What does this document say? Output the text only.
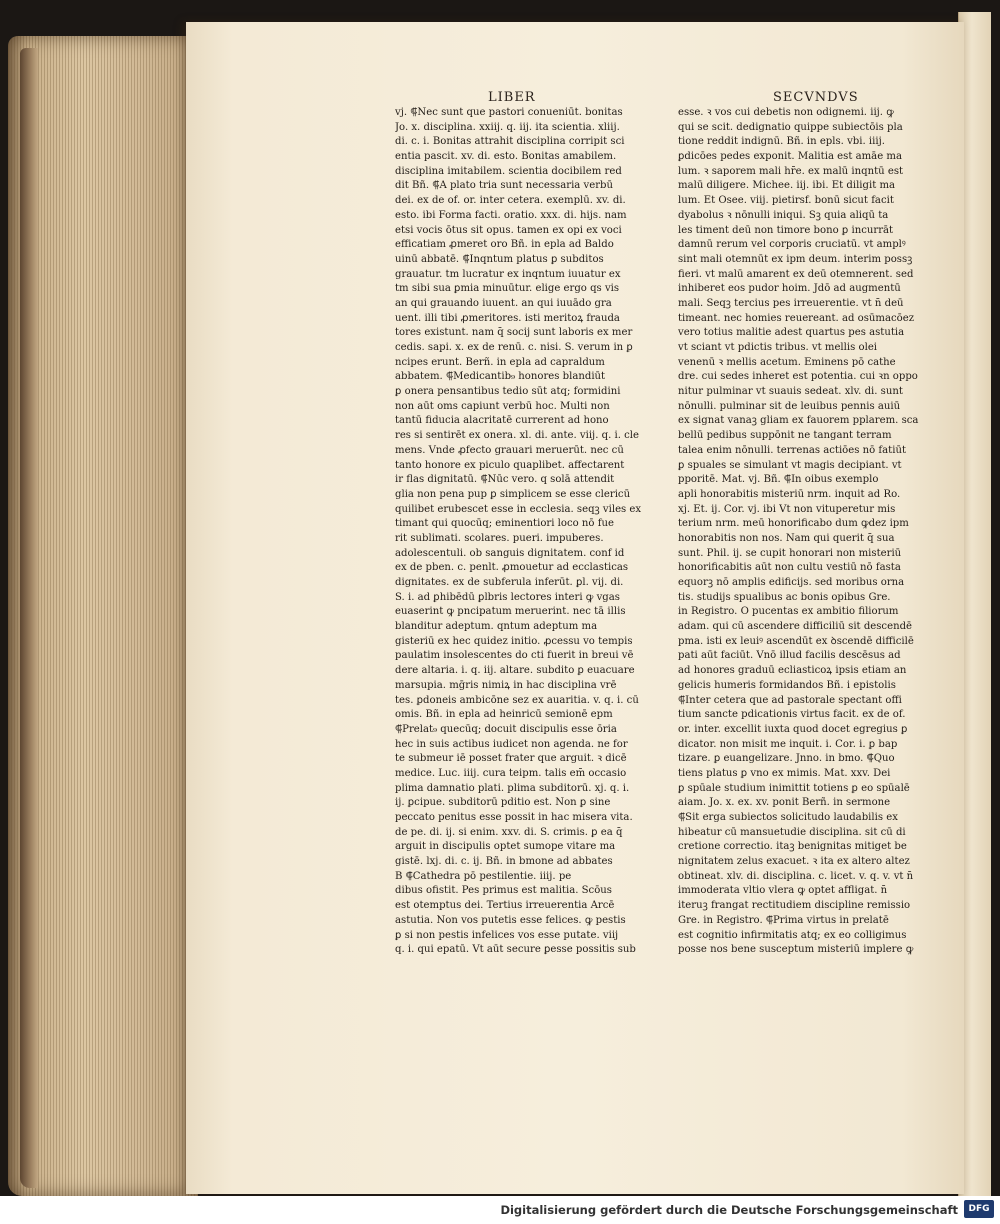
LIBER	SECVNDVS
vj. ⸿Nec sunt que pastori conueniūt. bonitas
Jo. x. disciplina. xxiij. q. iij. ita scientia. xliij.
di. c. i. Bonitas attrahit disciplina corripit sci
entia pascit. xv. di. esto. Bonitas amabilem.
disciplina imitabilem. scientia docibilem red
dit Bñ. ⸿A plato tria sunt necessaria verbū
dei. ex de of. or. inter cetera. exemplū. xv. di.
esto. ibi Forma facti. oratio. xxx. di. hijs. nam
etsi vocis ōtus sit opus. tamen ex opi ex voci
efficatiam ꝓmeret oro Bñ. in epla ad Baldo
uinū abbatē. ⸿Inqntum platus ꝑ subditos
grauatur. tm lucratur ex inqntum iuuatur ex
tm sibi sua ꝑmia minuūtur. elige ergo qs vis
an qui grauando iuuent. an qui iuuādo gra
uent. illi tibi ꝓmeritores. isti meritoꝝ frauda
tores existunt. nam q̄ socij sunt laboris ex mer
cedis. sapi. x. ex de renū. c. nisi. S. verum in ꝑ
ncipes erunt. Berñ. in epla ad capraldum
abbatem. ⸿Medicantib₉ honores blandiūt
ꝑ onera pensantibus tedio sūt atq; formidini
non aūt oms capiunt verbū hoc. Multi non
tantū fiducia alacritatē currerent ad hono
res si sentirēt ex onera. xl. di. ante. viij. q. i. cle
mens. Vnde ꝓfecto grauari meruerūt. nec cū
tanto honore ex piculo quaplibet. affectarent
ir flas dignitatū. ⸿Nūc vero. q solā attendit
glia non pena pup ꝑ simplicem se esse clericū
quilibet erubescet esse in ecclesia. seqꝫ viles ex
timant qui quocūq; eminentiori loco nō fue
rit sublimati. scolares. pueri. impuberes.
adolescentuli. ob sanguis dignitatem. conf id
ex de pben. c. penlt. ꝓmouetur ad ecclasticas
dignitates. ex de subferula inferūt. ꝑl. vij. di.
S. i. ad ꝑhibēdū ꝑlbris lectores interi ꝙ vgas
euaserint ꝙ pncipatum meruerint. nec tā illis
blanditur adeptum. qntum adeptum ma
gisteriū ex hec quidez initio. ꝓcessu vo tempis
paulatim insolescentes do cti fuerit in breui vē
dere altaria. i. q. iij. altare. subdito ꝑ euacuare
marsupia. mḡris nimiꝝ in hac disciplina vrē
tes. ꝑdoneis ambicōne sez ex auaritia. v. q. i. cū
omis. Bñ. in epla ad heinricū semionē epm
⸿Prelat₉ quecūq; docuit discipulis esse ōria
hec in suis actibus iudicet non agenda. ne for
te submeur iē posset frater que arguit. ꝛ dicē
medice. Luc. iiij. cura teipm. talis em̄ occasio
plima damnatio plati. plima subditorū. xj. q. i.
ij. ꝑcipue. subditorū pditio est. Non ꝑ sine
peccato penitus esse possit in hac misera vita.
de pe. di. ij. si enim. xxv. di. S. crimis. ꝑ ea q̄
arguit in discipulis optet sumope vitare ma
gistē. lxj. di. c. ij. Bñ. in bmone ad abbates
B ⸿Cathedra pō pestilentie. iiij. pe
dibus ofistit. Pes primus est malitia. Scōus
est otemptus dei. Tertius irreuerentia Arcē
astutia. Non vos putetis esse felices. ꝙ pestis
ꝑ si non pestis infelices vos esse putate. viij
q. i. qui epatū. Vt aūt secure ꝑesse possitis sub
esse. ꝛ vos cui debetis non odignemi. iij. ꝙ
qui se scit. dedignatio quippe subiectōis pla
tione reddit indignū. Bñ. in epls. vbi. iiij.
ꝑdicōes pedes exponit. Malitia est amāe ma
lum. ꝛ saporem mali hr̄e. ex malū inqntū est
malū diligere. Michee. iij. ibi. Et diligit ma
lum. Et Osee. viij. pietirsf. bonū sicut facit
dyabolus ꝛ nōnulli iniqui. Sꝫ quia aliqū ta
les timent deū non timore bono ꝑ incurrāt
damnū rerum vel corporis cruciatū. vt amplꝰ
sint mali otemnūt ex ipm deum. interim possꝫ
fieri. vt malū amarent ex deū otemnerent. sed
inhiberet eos pudor hoim. Jdō ad augmentū
mali. Seqꝫ tercius pes irreuerentie. vt n̄ deū
timeant. nec homies reuereant. ad osūmacōez
vero totius malitie adest quartus pes astutia
vt sciant vt pdictis tribus. vt mellis olei
venenū ꝛ mellis acetum. Eminens pō cathe
dre. cui sedes inheret est potentia. cui ꝛn oppo
nitur pulminar vt suauis sedeat. xlv. di. sunt
nōnulli. pulminar sit de leuibus pennis auiū
ex signat vanaꝫ gliam ex fauorem pplarem. sca
bellū pedibus suppōnit ne tangant terram
talea enim nōnulli. terrenas actiōes nō fatiūt
ꝑ spuales se simulant vt magis decipiant. vt
pporitē. Mat. vj. Bñ. ⸿In oibus exemplo
apli honorabitis misteriū nrm. inquit ad Ro.
xj. Et. ij. Cor. vj. ibi Vt non vituperetur mis
terium nrm. meū honorificabo dum ꝙdez ipm
honorabitis non nos. Nam qui querit q̄ sua
sunt. Phil. ij. se cupit honorari non misteriū
honorificabitis aūt non cultu vestiū nō fasta
equorꝫ nō amplis edificijs. sed moribus orna
tis. studijs spualibus ac bonis opibus Gre.
in Registro. O pucentas ex ambitio filiorum
adam. qui cū ascendere difficiliū sit descendē
pma. isti ex leuiꝰ ascendūt ex ꝺscendē difficilē
pati aūt faciūt. Vnō illud facilis descēsus ad
ad honores graduū ecliasticoꝝ ipsis etiam an
gelicis humeris formidandos Bñ. i epistolis
⸿Inter cetera que ad pastorale spectant offi
tium sancte pdicationis virtus facit. ex de of.
or. inter. excellit iuxta quod docet egregius ꝑ
dicator. non misit me inquit. i. Cor. i. ꝑ bap
tizare. ꝑ euangelizare. Jnno. in bmo. ⸿Quo
tiens platus ꝑ vno ex mimis. Mat. xxv. Dei
ꝑ spūale studium inimittit totiens ꝑ eo spūalē
aiam. Jo. x. ex. xv. ponit Berñ. in sermone
⸿Sit erga subiectos solicitudo laudabilis ex
hibeatur cū mansuetudie disciplina. sit cū di
cretione correctio. itaꝫ benignitas mitiget be
nignitatem zelus exacuet. ꝛ ita ex altero altez
obtineat. xlv. di. disciplina. c. licet. v. q. v. vt n̄
immoderata vltio vlera ꝙ optet affligat. n̄
iteruꝫ frangat rectitudiem discipline remissio
Gre. in Registro. ⸿Prima virtus in prelatē
est cognitio infirmitatis atq; ex eo colligimus
posse nos bene susceptum misteriū implere ꝙ
Digitalisierung gefördert durch die Deutsche Forschungsgemeinschaft	DFG
